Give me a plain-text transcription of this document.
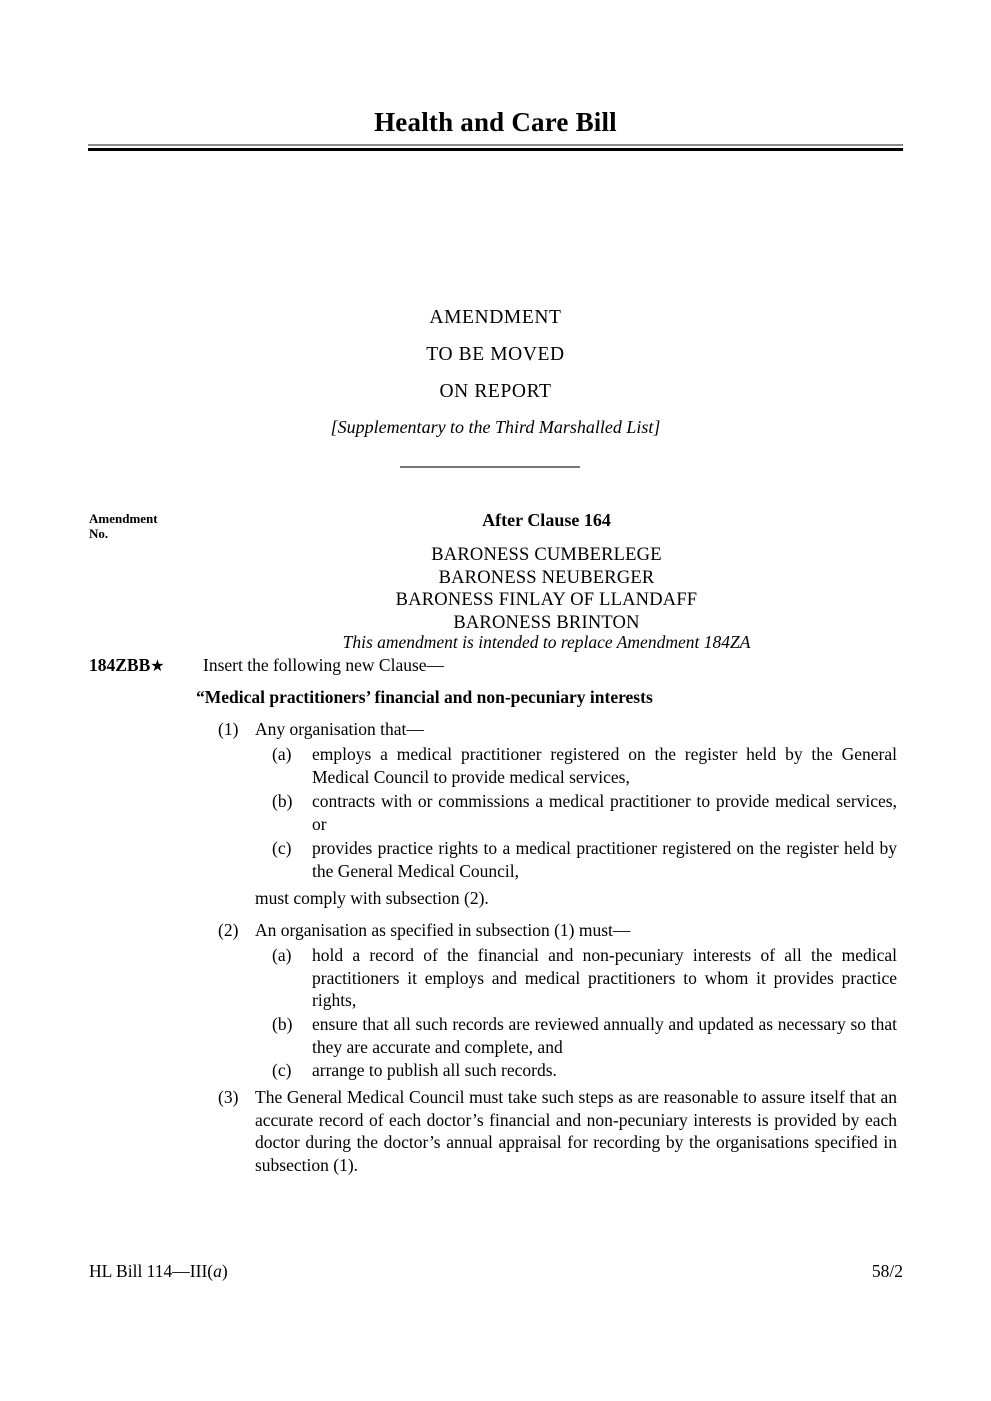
Health and Care Bill
AMENDMENT
TO BE MOVED
ON REPORT
[Supplementary to the Third Marshalled List]
Amendment
No.
After Clause 164
BARONESS CUMBERLEGE
BARONESS NEUBERGER
BARONESS FINLAY OF LLANDAFF
BARONESS BRINTON
This amendment is intended to replace Amendment 184ZA
184ZBB★ Insert the following new Clause—
“Medical practitioners’ financial and non-pecuniary interests
(1) Any organisation that—
(a)	employs a medical practitioner registered on the register held by the General Medical Council to provide medical services,
(b)	contracts with or commissions a medical practitioner to provide medical services, or
(c)	provides practice rights to a medical practitioner registered on the register held by the General Medical Council,
must comply with subsection (2).
(2) An organisation as specified in subsection (1) must—
(a)	hold a record of the financial and non-pecuniary interests of all the medical practitioners it employs and medical practitioners to whom it provides practice rights,
(b)	ensure that all such records are reviewed annually and updated as necessary so that they are accurate and complete, and
(c)	arrange to publish all such records.
(3) The General Medical Council must take such steps as are reasonable to assure itself that an accurate record of each doctor’s financial and non-pecuniary interests is provided by each doctor during the doctor’s annual appraisal for recording by the organisations specified in subsection (1).
HL Bill 114—III(a)	58/2
